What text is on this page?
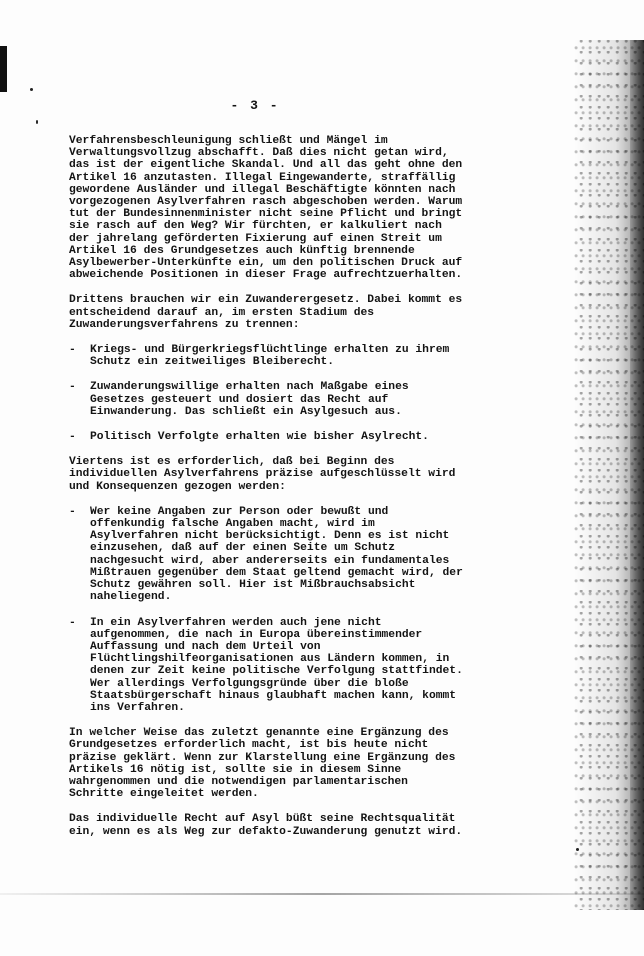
- 3 -
Verfahrensbeschleunigung schließt und Mängel im
Verwaltungsvollzug abschafft. Daß dies nicht getan wird,
das ist der eigentliche Skandal. Und all das geht ohne den
Artikel 16 anzutasten. Illegal Eingewanderte, straffällig
gewordene Ausländer und illegal Beschäftigte könnten nach
vorgezogenen Asylverfahren rasch abgeschoben werden. Warum
tut der Bundesinnenminister nicht seine Pflicht und bringt
sie rasch auf den Weg? Wir fürchten, er kalkuliert nach
der jahrelang geförderten Fixierung auf einen Streit um
Artikel 16 des Grundgesetzes auch künftig brennende
Asylbewerber-Unterkünfte ein, um den politischen Druck auf
abweichende Positionen in dieser Frage aufrechtzuerhalten.
Drittens brauchen wir ein Zuwanderergesetz. Dabei kommt es
entscheidend darauf an, im ersten Stadium des
Zuwanderungsverfahrens zu trennen:
- Kriegs- und Bürgerkriegsflüchtlinge erhalten zu ihrem
Schutz ein zeitweiliges Bleiberecht.
- Zuwanderungswillige erhalten nach Maßgabe eines
Gesetzes gesteuert und dosiert das Recht auf
Einwanderung. Das schließt ein Asylgesuch aus.
- Politisch Verfolgte erhalten wie bisher Asylrecht.
Viertens ist es erforderlich, daß bei Beginn des
individuellen Asylverfahrens präzise aufgeschlüsselt wird
und Konsequenzen gezogen werden:
- Wer keine Angaben zur Person oder bewußt und
offenkundig falsche Angaben macht, wird im
Asylverfahren nicht berücksichtigt. Denn es ist nicht
einzusehen, daß auf der einen Seite um Schutz
nachgesucht wird, aber andererseits ein fundamentales
Mißtrauen gegenüber dem Staat geltend gemacht wird, der
Schutz gewähren soll. Hier ist Mißbrauchsabsicht
naheliegend.
- In ein Asylverfahren werden auch jene nicht
aufgenommen, die nach in Europa übereinstimmender
Auffassung und nach dem Urteil von
Flüchtlingshilfeorganisationen aus Ländern kommen, in
denen zur Zeit keine politische Verfolgung stattfindet.
Wer allerdings Verfolgungsgründe über die bloße
Staatsbürgerschaft hinaus glaubhaft machen kann, kommt
ins Verfahren.
In welcher Weise das zuletzt genannte eine Ergänzung des
Grundgesetzes erforderlich macht, ist bis heute nicht
präzise geklärt. Wenn zur Klarstellung eine Ergänzung des
Artikels 16 nötig ist, sollte sie in diesem Sinne
wahrgenommen und die notwendigen parlamentarischen
Schritte eingeleitet werden.
Das individuelle Recht auf Asyl büßt seine Rechtsqualität
ein, wenn es als Weg zur defakto-Zuwanderung genutzt wird.
